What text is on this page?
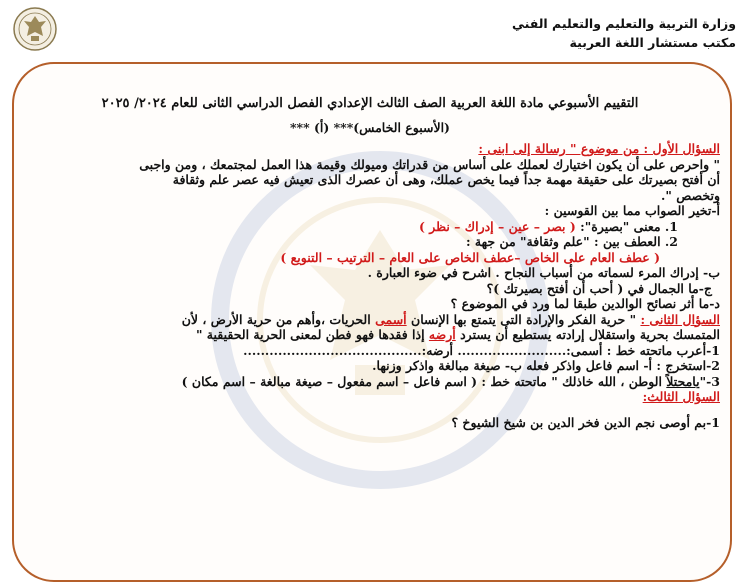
وزارة التربية والتعليم والتعليم الفني
مكتب مستشار اللغة العربية

التقييم الأسبوعي مادة اللغة العربية الصف الثالث الإعدادي الفصل الدراسي الثانى للعام ٢٠٢٤/ ٢٠٢٥

(الأسبوع الخامس)*** (أ) ***

السؤال الأول : من موضوع " رسالة إلى ابنى :

" واحرص على أن يكون اختيارك لعملك على أساس من قدراتك وميولك وقيمة هذا العمل لمجتمعك ، ومن واجبى

أن أفتح بصيرتك على حقيقة مهمة جداً فيما يخص عملك، وهى أن عصرك الذى تعيش فيه عصر علم وثقافة

وتخصص ".

أ-تخير الصواب مما بين القوسين :

1. معنى "بصيرة": ( بصر – عين – إدراك – نظر )

2. العطف بين : "علم وثقافة" من جهة :

( عطف العام على الخاص –عطف الخاص على العام – الترتيب – التنويع )

ب- إدراك المرء لسماته من أسباب النجاح . اشرح في ضوء العبارة .

ج-ما الجمال في ( أحب أن أفتح بصيرتك )؟

د-ما أثر نصائح الوالدين طبقا لما ورد في الموضوع ؟

السؤال الثانى : " حرية الفكر والإرادة التى يتمتع بها الإنسان أسمى الحريات ،وأهم من حرية الأرض ، لأن

المتمسك بحرية واستقلال إرادته يستطيع أن يسترد أرضه إذا فقدها فهو فطن لمعنى الحرية الحقيقية "

1-أعرب ماتحته خط : أسمى:......................... أرضه:.........................................

2-استخرج : أ- اسم فاعل واذكر فعله ب- صيغة مبالغة واذكر وزنها.

3-"يامحتلاً الوطن ، الله خاذلك " ماتحته خط : ( اسم فاعل – اسم مفعول – صيغة مبالغة – اسم مكان )

السؤال الثالث:

1-بم أوصى نجم الدين فخر الدين بن شيخ الشيوخ ؟
